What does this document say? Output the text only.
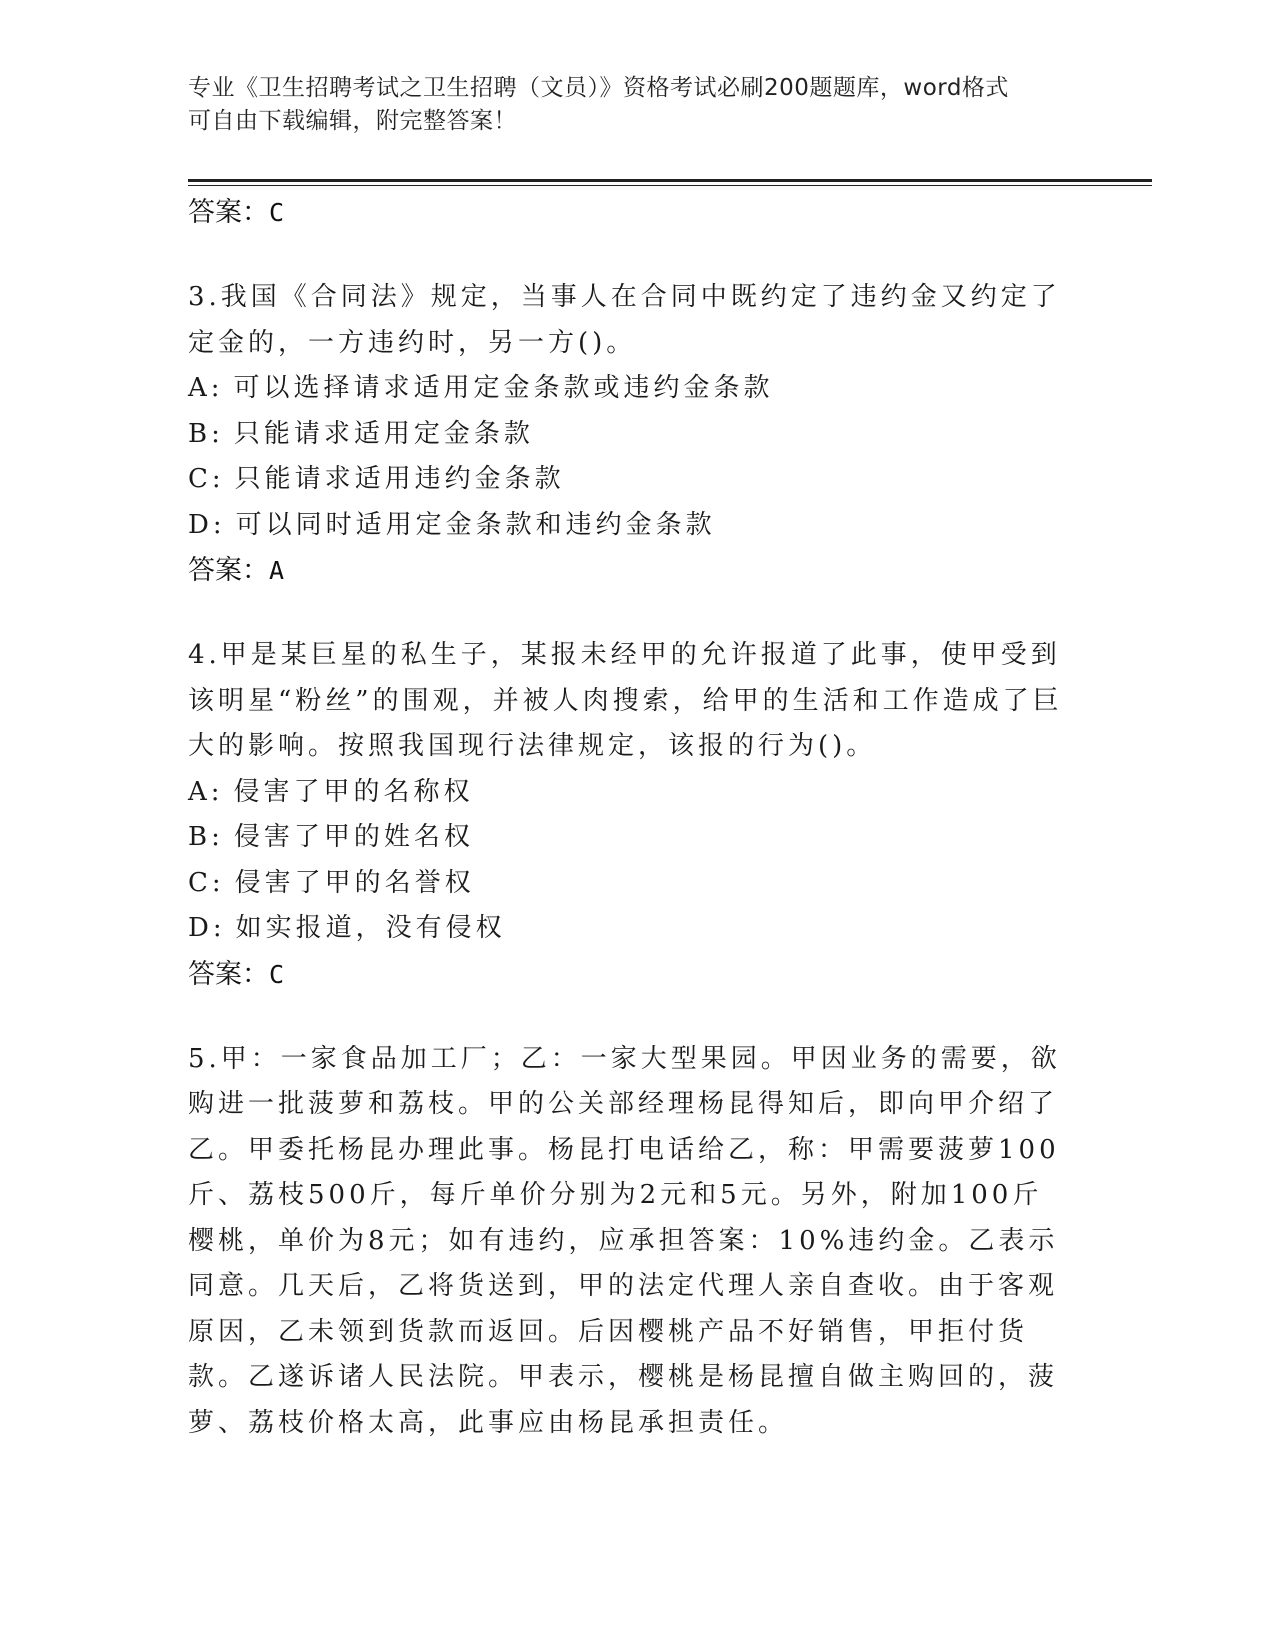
专业《卫生招聘考试之卫生招聘（文员）》资格考试必刷200题题库，word格式
可自由下载编辑，附完整答案！
答案：C
3.我国《合同法》规定，当事人在合同中既约定了违约金又约定了定金的，一方违约时，另一方()。
A: 可以选择请求适用定金条款或违约金条款
B: 只能请求适用定金条款
C: 只能请求适用违约金条款
D: 可以同时适用定金条款和违约金条款
答案：A
4.甲是某巨星的私生子，某报未经甲的允许报道了此事，使甲受到该明星“粉丝”的围观，并被人肉搜索，给甲的生活和工作造成了巨大的影响。按照我国现行法律规定，该报的行为()。
A: 侵害了甲的名称权
B: 侵害了甲的姓名权
C: 侵害了甲的名誉权
D: 如实报道，没有侵权
答案：C
5.甲：一家食品加工厂；乙：一家大型果园。甲因业务的需要，欲购进一批菠萝和荔枝。甲的公关部经理杨昆得知后，即向甲介绍了乙。甲委托杨昆办理此事。杨昆打电话给乙，称：甲需要菠萝100斤、荔枝500斤，每斤单价分别为2元和5元。另外，附加100斤樱桃，单价为8元；如有违约，应承担答案：10%违约金。乙表示同意。几天后，乙将货送到，甲的法定代理人亲自查收。由于客观原因，乙未领到货款而返回。后因樱桃产品不好销售，甲拒付货款。乙遂诉诸人民法院。甲表示，樱桃是杨昆擅自做主购回的，菠萝、荔枝价格太高，此事应由杨昆承担责任。
